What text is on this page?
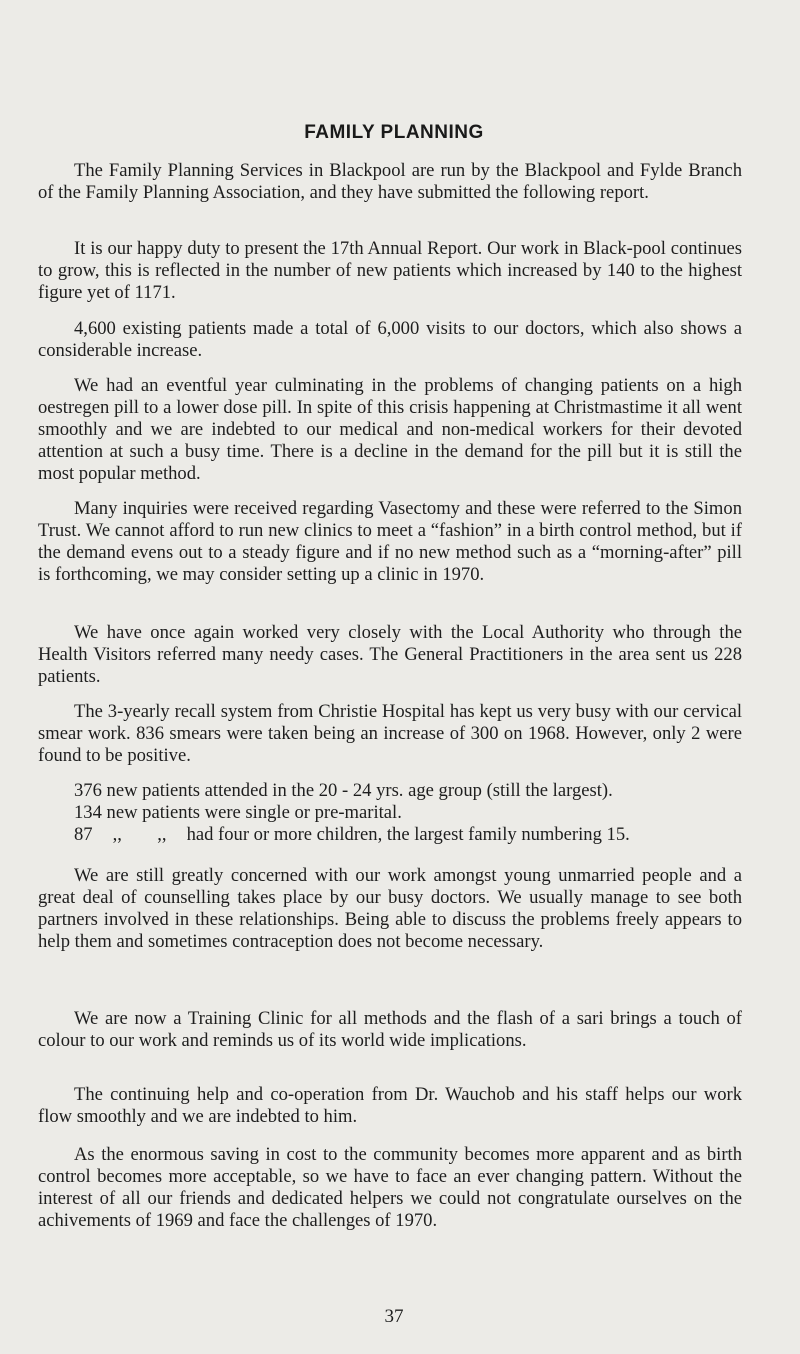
FAMILY PLANNING

The Family Planning Services in Blackpool are run by the Blackpool and Fylde Branch of the Family Planning Association, and they have submitted the following report.

It is our happy duty to present the 17th Annual Report. Our work in Black-pool continues to grow, this is reflected in the number of new patients which increased by 140 to the highest figure yet of 1171.

4,600 existing patients made a total of 6,000 visits to our doctors, which also shows a considerable increase.

We had an eventful year culminating in the problems of changing patients on a high oestregen pill to a lower dose pill. In spite of this crisis happening at Christmastime it all went smoothly and we are indebted to our medical and non-medical workers for their devoted attention at such a busy time. There is a decline in the demand for the pill but it is still the most popular method.

Many inquiries were received regarding Vasectomy and these were referred to the Simon Trust. We cannot afford to run new clinics to meet a “fashion” in a birth control method, but if the demand evens out to a steady figure and if no new method such as a “morning-after” pill is forthcoming, we may consider setting up a clinic in 1970.

We have once again worked very closely with the Local Authority who through the Health Visitors referred many needy cases. The General Practitioners in the area sent us 228 patients.

The 3-yearly recall system from Christie Hospital has kept us very busy with our cervical smear work. 836 smears were taken being an increase of 300 on 1968. However, only 2 were found to be positive.

376 new patients attended in the 20 - 24 yrs. age group (still the largest).

134 new patients were single or pre-marital.

87 ,, ,, had four or more children, the largest family numbering 15.

We are still greatly concerned with our work amongst young unmarried people and a great deal of counselling takes place by our busy doctors. We usually manage to see both partners involved in these relationships. Being able to discuss the problems freely appears to help them and sometimes contraception does not become necessary.

We are now a Training Clinic for all methods and the flash of a sari brings a touch of colour to our work and reminds us of its world wide implications.

The continuing help and co-operation from Dr. Wauchob and his staff helps our work flow smoothly and we are indebted to him.

As the enormous saving in cost to the community becomes more apparent and as birth control becomes more acceptable, so we have to face an ever changing pattern. Without the interest of all our friends and dedicated helpers we could not congratulate ourselves on the achivements of 1969 and face the challenges of 1970.

37
